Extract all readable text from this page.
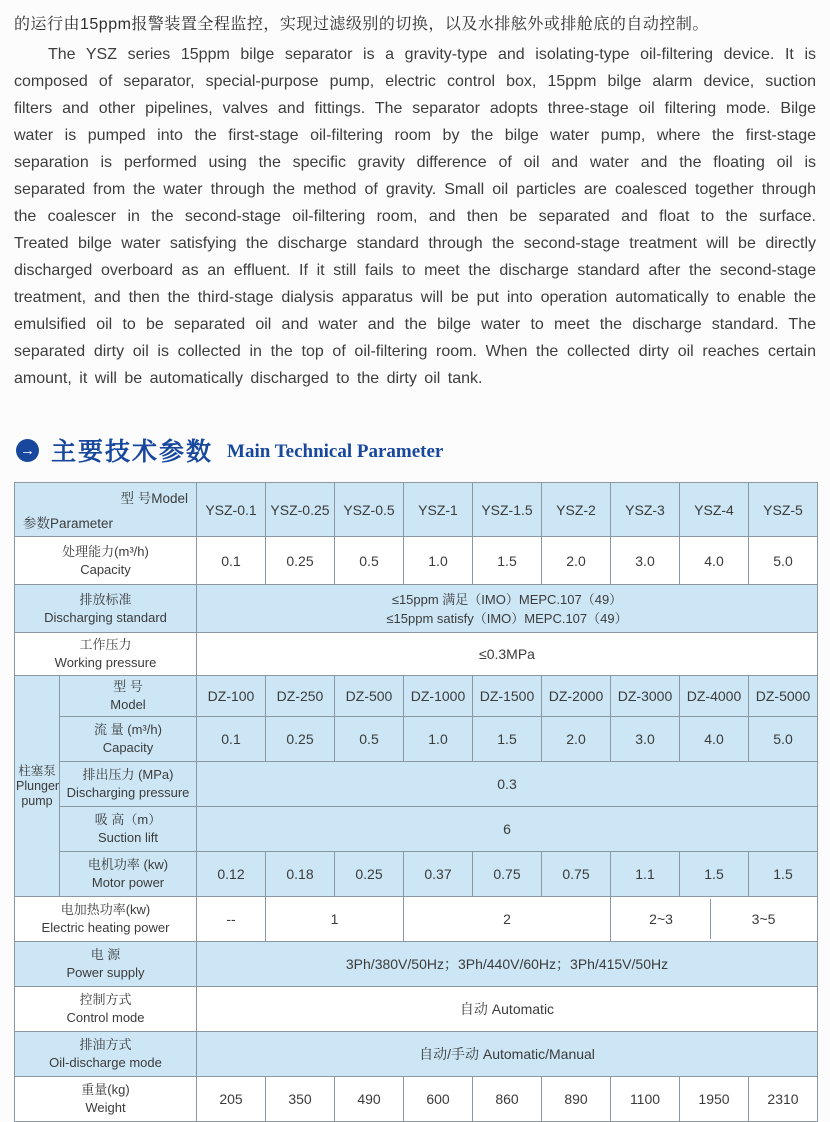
的运行由15ppm报警装置全程监控，实现过滤级别的切换，以及水排舷外或排舱底的自动控制。

The YSZ series 15ppm bilge separator is a gravity-type and isolating-type oil-filtering device. It is composed of separator, special-purpose pump, electric control box, 15ppm bilge alarm device, suction filters and other pipelines, valves and fittings. The separator adopts three-stage oil filtering mode. Bilge water is pumped into the first-stage oil-filtering room by the bilge water pump, where the first-stage separation is performed using the specific gravity difference of oil and water and the floating oil is separated from the water through the method of gravity. Small oil particles are coalesced together through the coalescer in the second-stage oil-filtering room, and then be separated and float to the surface. Treated bilge water satisfying the discharge standard through the second-stage treatment will be directly discharged overboard as an effluent. If it still fails to meet the discharge standard after the second-stage treatment, and then the third-stage dialysis apparatus will be put into operation automatically to enable the emulsified oil to be separated oil and water and the bilge water to meet the discharge standard. The separated dirty oil is collected in the top of oil-filtering room. When the collected dirty oil reaches certain amount, it will be automatically discharged to the dirty oil tank.

→ 主要技术参数 Main Technical Parameter
型 号Model
参数Parameter		YSZ-0.1	YSZ-0.25	YSZ-0.5	YSZ-1	YSZ-1.5	YSZ-2	YSZ-3	YSZ-4	YSZ-5

处理能力(m³/h)
Capacity		0.1	0.25	0.5	1.0	1.5	2.0	3.0	4.0	5.0

排放标准
Discharging standard		≤15ppm 满足（IMO）MEPC.107（49）
≤15ppm satisfy（IMO）MEPC.107（49）								

工作压力
Working pressure		≤0.3MPa								

柱塞泵
Plunger
pump	型 号
Model	DZ-100	DZ-250	DZ-500	DZ-1000	DZ-1500	DZ-2000	DZ-3000	DZ-4000	DZ-5000

	流 量 (m³/h)
Capacity	0.1	0.25	0.5	1.0	1.5	2.0	3.0	4.0	5.0

	排出压力 (MPa)
Discharging pressure	0.3								

	吸 高（m）
Suction lift	6								

	电机功率 (kw)
Motor power	0.12	0.18	0.25	0.37	0.75	0.75	1.1	1.5	1.5

电加热功率(kw)
Electric heating power
	--	1	2	2~3	3~5

电 源
Power supply		3Ph/380V/50Hz；3Ph/440V/60Hz；3Ph/415V/50Hz								

控制方式
Control mode		自动 Automatic								

排油方式
Oil-discharge mode		自动/手动 Automatic/Manual								

重量(kg)
Weight		205	350	490	600	860	890	1100	1950	2310
